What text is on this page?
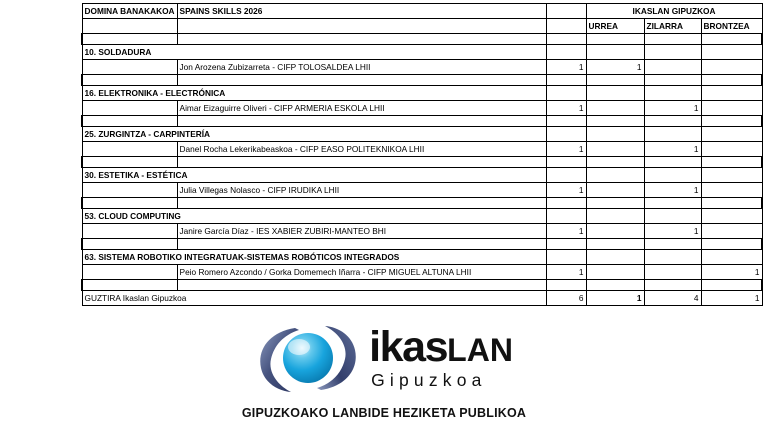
DOMINA BANAKAKOA	SPAINS SKILLS 2026		IKASLAN GIPUZKOA		
			URREA	ZILARRA	BRONTZEA

10. SOLDADURA					
	Jon Arozena Zubizarreta - CIFP TOLOSALDEA LHII	1	1		

16. ELEKTRONIKA - ELECTRÓNICA					
	Aimar Eizaguirre Oliveri - CIFP ARMERIA ESKOLA LHII	1		1	

25. ZURGINTZA - CARPINTERÍA					
	Danel Rocha Lekerikabeaskoa - CIFP EASO POLITEKNIKOA LHII	1		1	

30. ESTETIKA - ESTÉTICA					
	Julia Villegas Nolasco - CIFP IRUDIKA LHII	1		1	

53. CLOUD COMPUTING					
	Janire García Díaz - IES XABIER ZUBIRI-MANTEO BHI	1		1	

63. SISTEMA ROBOTIKO INTEGRATUAK-SISTEMAS ROBÓTICOS INTEGRADOS					
	Peio Romero Azcondo / Gorka Domemech Iñarra - CIFP MIGUEL ALTUNA LHII	1			1

GUZTIRA Ikaslan Gipuzkoa		6	1	4	1
ikasLAN
Gipuzkoa
GIPUZKOAKO LANBIDE HEZIKETA PUBLIKOA
